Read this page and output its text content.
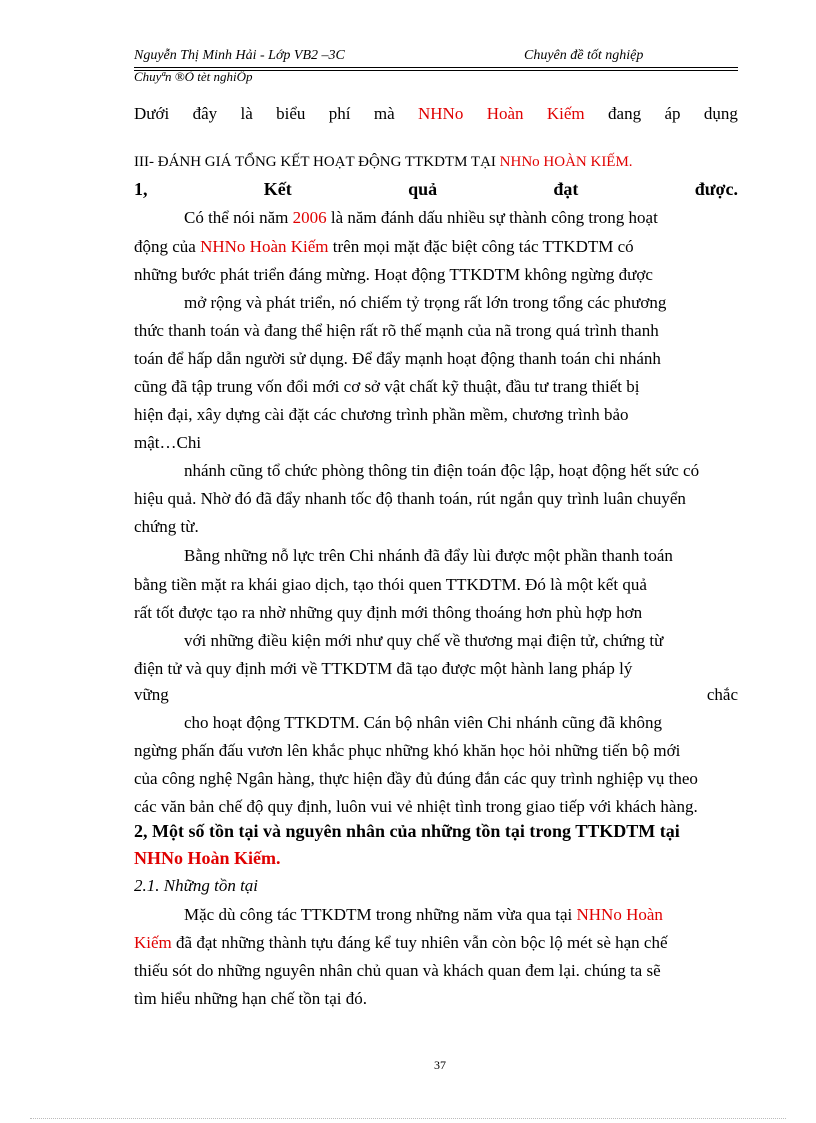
Nguyễn Thị Minh Hải - Lớp VB2 –3C	Chuyên đề tốt nghiệp
Chuyªn ®Ò tèt nghiÖp
Dưới đây là biểu phí mà NHNo Hoàn Kiếm đang áp dụng
III- ĐÁNH GIÁ TỔNG KẾT HOẠT ĐỘNG TTKDTM TẠI NHNo HOÀN KIẾM.
1,	Kết	quả	đạt	được.
Có thể nói năm 2006 là năm đánh dấu nhiều sự thành công trong hoạt
động của NHNo Hoàn Kiếm trên mọi mặt đặc biệt công tác TTKDTM có
những bước phát triển đáng mừng. Hoạt động TTKDTM không ngừng được
mở rộng và phát triển, nó chiếm tỷ trọng rất lớn trong tổng các phương
thức thanh toán và đang thể hiện rất rõ thế mạnh của nã trong quá trình thanh
toán để hấp dẫn người sử dụng. Để đẩy mạnh hoạt động thanh toán chi nhánh
cũng đã tập trung vốn đổi mới cơ sở vật chất kỹ thuật, đầu tư trang thiết bị
hiện đại, xây dựng cài đặt các chương trình phần mềm, chương trình bảo
mật…Chi
nhánh cũng tổ chức phòng thông tin điện toán độc lập, hoạt động hết sức có
hiệu quả. Nhờ đó đã đẩy nhanh tốc độ thanh toán, rút ngắn quy trình luân chuyển
chứng từ.
Bằng những nỗ lực trên Chi nhánh đã đẩy lùi được một phần thanh toán
bằng tiền mặt ra khái giao dịch, tạo thói quen TTKDTM. Đó là một kết quả
rất tốt được tạo ra nhờ những quy định mới thông thoáng hơn phù hợp hơn
với những điều kiện mới như quy chế về thương mại điện tử, chứng từ
điện tử và quy định mới về TTKDTM đã tạo được một hành lang pháp lý
vững	chắc
cho hoạt động TTKDTM. Cán bộ nhân viên Chi nhánh cũng đã không
ngừng phấn đấu vươn lên khắc phục những khó khăn học hỏi những tiến bộ mới
của công nghệ Ngân hàng, thực hiện đầy đủ đúng đắn các quy trình nghiệp vụ theo
các văn bản chế độ quy định, luôn vui vẻ nhiệt tình trong giao tiếp với khách hàng.
2, Một số tồn tại và nguyên nhân của những tồn tại trong TTKDTM tại
NHNo Hoàn Kiếm.
2.1. Những tồn tại
Mặc dù công tác TTKDTM trong những năm vừa qua tại NHNo Hoàn
Kiếm đã đạt những thành tựu đáng kể tuy nhiên vẫn còn bộc lộ mét sè hạn chế
thiếu sót do những nguyên nhân chủ quan và khách quan đem lại. chúng ta sẽ
tìm hiểu những hạn chế tồn tại đó.
37
